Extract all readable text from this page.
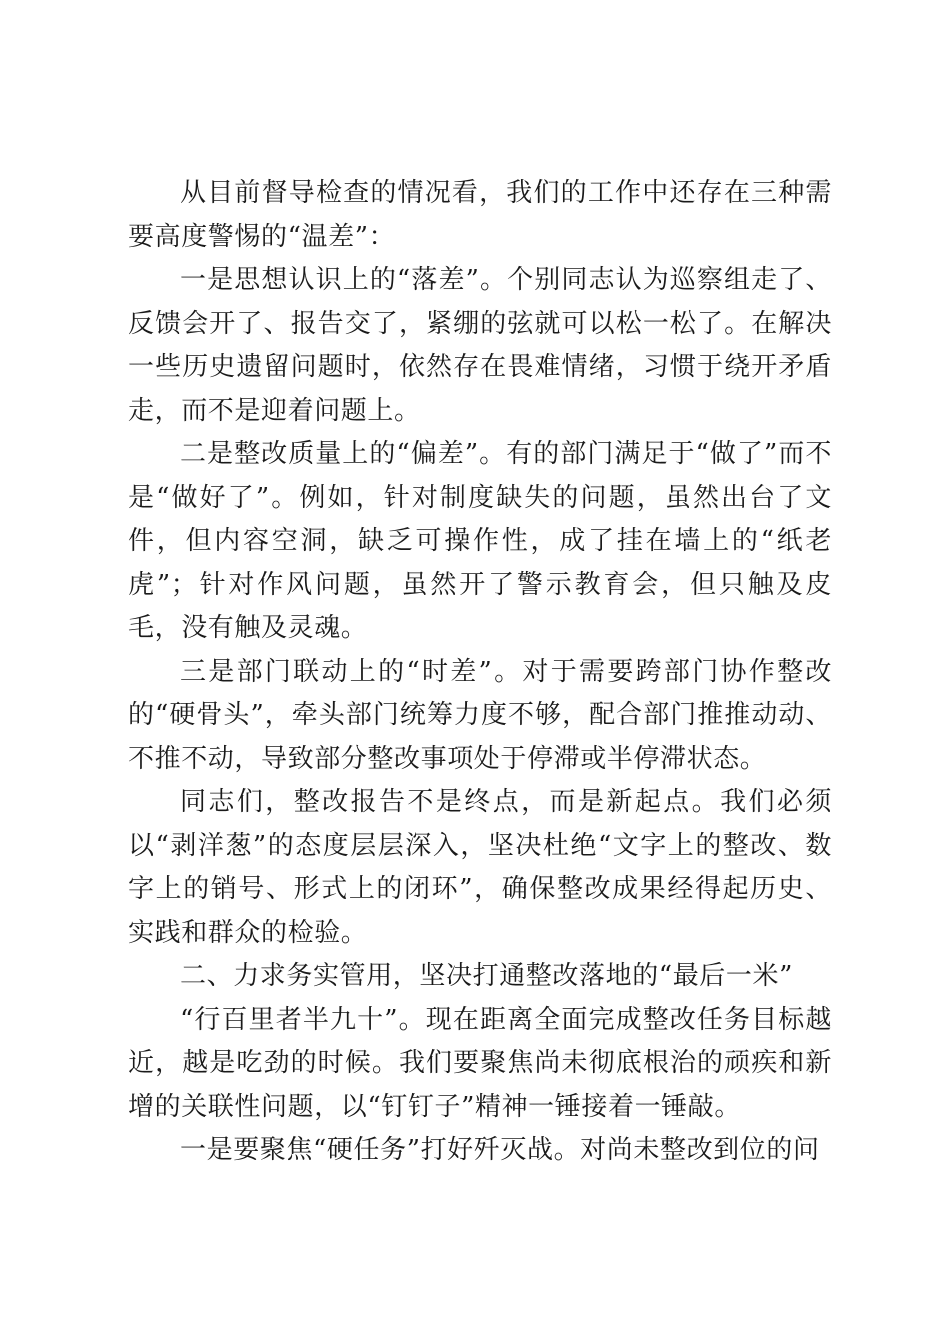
从目前督导检查的情况看，我们的工作中还存在三种需要高度警惕的“温差”：

一是思想认识上的“落差”。个别同志认为巡察组走了、反馈会开了、报告交了，紧绷的弦就可以松一松了。在解决一些历史遗留问题时，依然存在畏难情绪，习惯于绕开矛盾走，而不是迎着问题上。

二是整改质量上的“偏差”。有的部门满足于“做了”而不是“做好了”。例如，针对制度缺失的问题，虽然出台了文件，但内容空洞，缺乏可操作性，成了挂在墙上的“纸老虎”；针对作风问题，虽然开了警示教育会，但只触及皮毛，没有触及灵魂。

三是部门联动上的“时差”。对于需要跨部门协作整改的“硬骨头”，牵头部门统筹力度不够，配合部门推推动动、不推不动，导致部分整改事项处于停滞或半停滞状态。

同志们，整改报告不是终点，而是新起点。我们必须以“剥洋葱”的态度层层深入，坚决杜绝“文字上的整改、数字上的销号、形式上的闭环”，确保整改成果经得起历史、实践和群众的检验。

二、力求务实管用，坚决打通整改落地的“最后一米”

“行百里者半九十”。现在距离全面完成整改任务目标越近，越是吃劲的时候。我们要聚焦尚未彻底根治的顽疾和新增的关联性问题，以“钉钉子”精神一锤接着一锤敲。

一是要聚焦“硬任务”打好歼灭战。对尚未整改到位的问
